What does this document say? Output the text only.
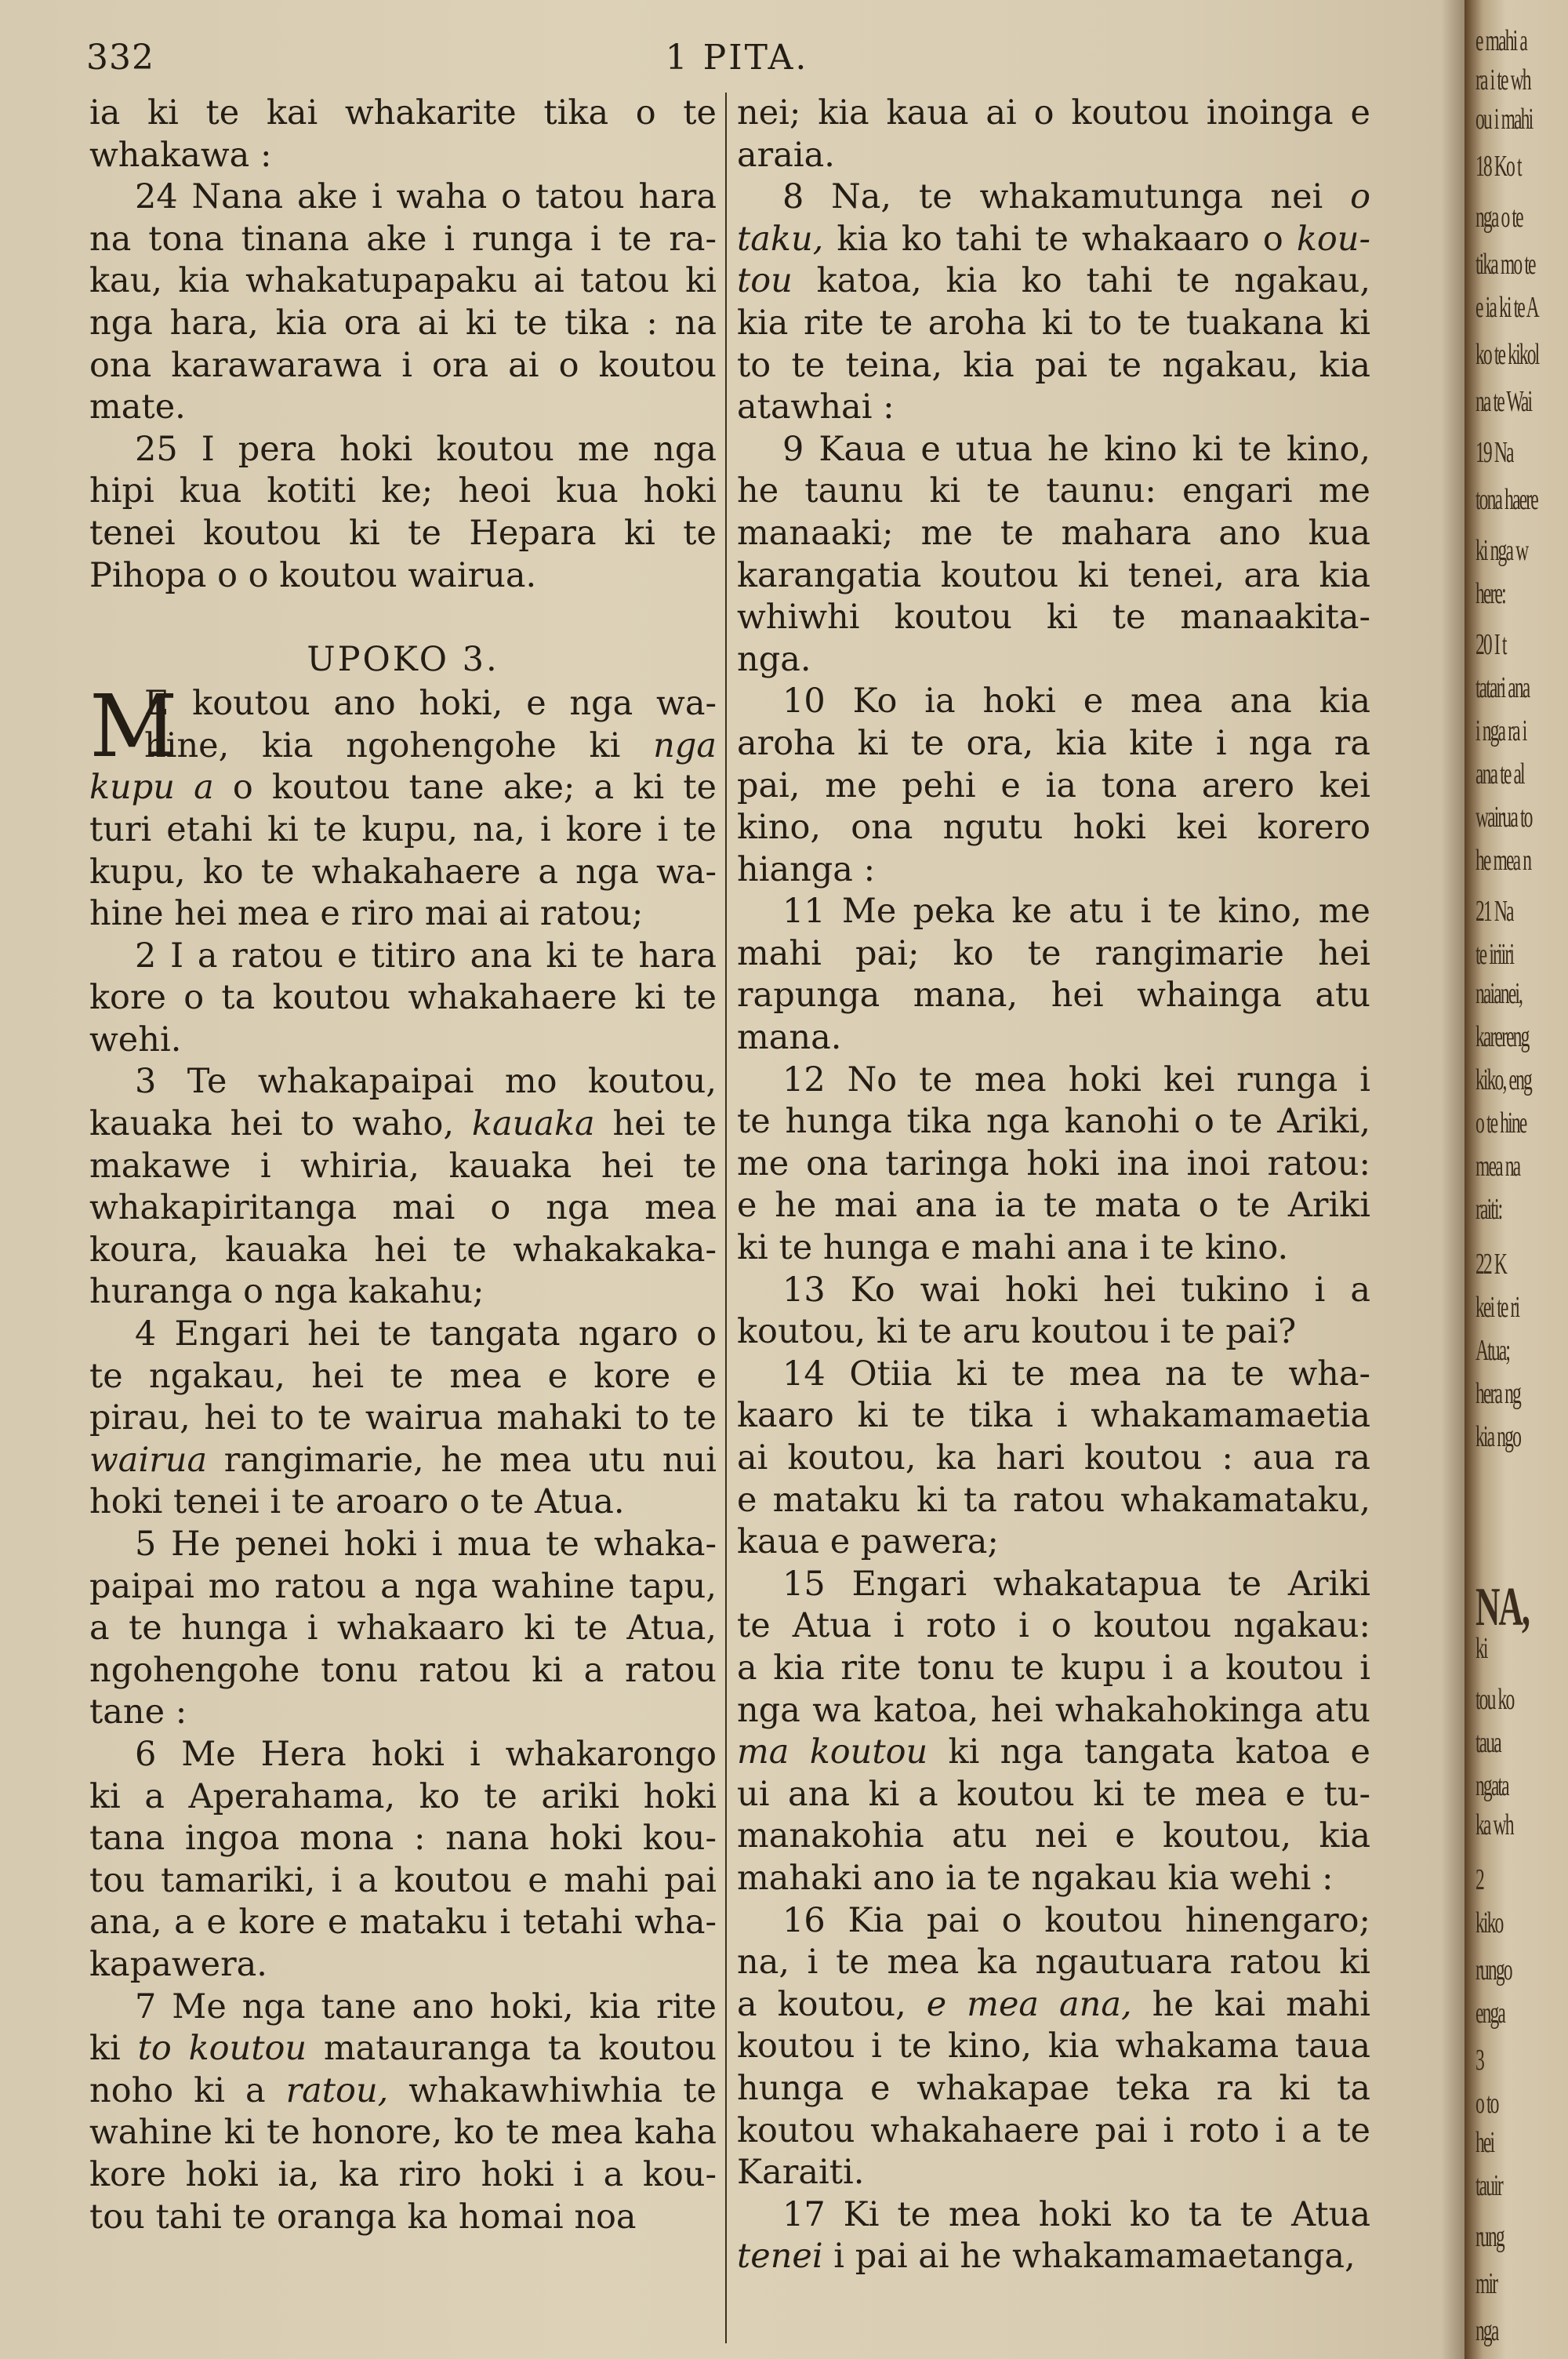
332	1 PITA.
ia ki te kai whakarite tika o te
whakawa :
24 Nana ake i waha o tatou hara
na tona tinana ake i runga i te ra-
kau, kia whakatupapaku ai tatou ki
nga hara, kia ora ai ki te tika : na
ona karawarawa i ora ai o koutou
mate.
25 I pera hoki koutou me nga
hipi kua kotiti ke; heoi kua hoki
tenei koutou ki te Hepara ki te
Pihopa o o koutou wairua.
UPOKO 3.
M
E koutou ano hoki, e nga wa-
hine, kia ngohengohe ki nga
kupu a o koutou tane ake; a ki te
turi etahi ki te kupu, na, i kore i te
kupu, ko te whakahaere a nga wa-
hine hei mea e riro mai ai ratou;
2 I a ratou e titiro ana ki te hara
kore o ta koutou whakahaere ki te
wehi.
3 Te whakapaipai mo koutou,
kauaka hei to waho, kauaka hei te
makawe i whiria, kauaka hei te
whakapiritanga mai o nga mea
koura, kauaka hei te whakakaka-
huranga o nga kakahu;
4 Engari hei te tangata ngaro o
te ngakau, hei te mea e kore e
pirau, hei to te wairua mahaki to te
wairua rangimarie, he mea utu nui
hoki tenei i te aroaro o te Atua.
5 He penei hoki i mua te whaka-
paipai mo ratou a nga wahine tapu,
a te hunga i whakaaro ki te Atua,
ngohengohe tonu ratou ki a ratou
tane :
6 Me Hera hoki i whakarongo
ki a Aperahama, ko te ariki hoki
tana ingoa mona : nana hoki kou-
tou tamariki, i a koutou e mahi pai
ana, a e kore e mataku i tetahi wha-
kapawera.
7 Me nga tane ano hoki, kia rite
ki to koutou matauranga ta koutou
noho ki a ratou, whakawhiwhia te
wahine ki te honore, ko te mea kaha
kore hoki ia, ka riro hoki i a kou-
tou tahi te oranga ka homai noa
nei; kia kaua ai o koutou inoinga e
araia.
8 Na, te whakamutunga nei o
taku, kia ko tahi te whakaaro o kou-
tou katoa, kia ko tahi te ngakau,
kia rite te aroha ki to te tuakana ki
to te teina, kia pai te ngakau, kia
atawhai :
9 Kaua e utua he kino ki te kino,
he taunu ki te taunu: engari me
manaaki; me te mahara ano kua
karangatia koutou ki tenei, ara kia
whiwhi koutou ki te manaakita-
nga.
10 Ko ia hoki e mea ana kia
aroha ki te ora, kia kite i nga ra
pai, me pehi e ia tona arero kei
kino, ona ngutu hoki kei korero
hianga :
11 Me peka ke atu i te kino, me
mahi pai; ko te rangimarie hei
rapunga mana, hei whainga atu
mana.
12 No te mea hoki kei runga i
te hunga tika nga kanohi o te Ariki,
me ona taringa hoki ina inoi ratou:
e he mai ana ia te mata o te Ariki
ki te hunga e mahi ana i te kino.
13 Ko wai hoki hei tukino i a
koutou, ki te aru koutou i te pai?
14 Otiia ki te mea na te wha-
kaaro ki te tika i whakamamaetia
ai koutou, ka hari koutou : aua ra
e mataku ki ta ratou whakamataku,
kaua e pawera;
15 Engari whakatapua te Ariki
te Atua i roto i o koutou ngakau:
a kia rite tonu te kupu i a koutou i
nga wa katoa, hei whakahokinga atu
ma koutou ki nga tangata katoa e
ui ana ki a koutou ki te mea e tu-
manakohia atu nei e koutou, kia
mahaki ano ia te ngakau kia wehi :
16 Kia pai o koutou hinengaro;
na, i te mea ka ngautuara ratou ki
a koutou, e mea ana, he kai mahi
koutou i te kino, kia whakama taua
hunga e whakapae teka ra ki ta
koutou whakahaere pai i roto i a te
Karaiti.
17 Ki te mea hoki ko ta te Atua
tenei i pai ai he whakamamaetanga,
e mahi a
ra i te wh
ou i mahi
18 Ko t
nga o te
tika mo te
e ia ki te A
ko te kikol
na te Wai
19 Na
tona haere
ki nga w
here:
20 I t
tatari ana
i nga ra i
ana te al
wairua to
he mea n
21 Na
te iriiri
naianei,
karereng
kiko, eng
o te hine
mea na
raiti:
22 K
kei te ri
Atua;
hera ng
kia ngo
NA,
ki
tou ko
taua
ngata
ka wh
2
kiko
rungo
enga
3
o to
hei
tauir
rung
mir
nga
